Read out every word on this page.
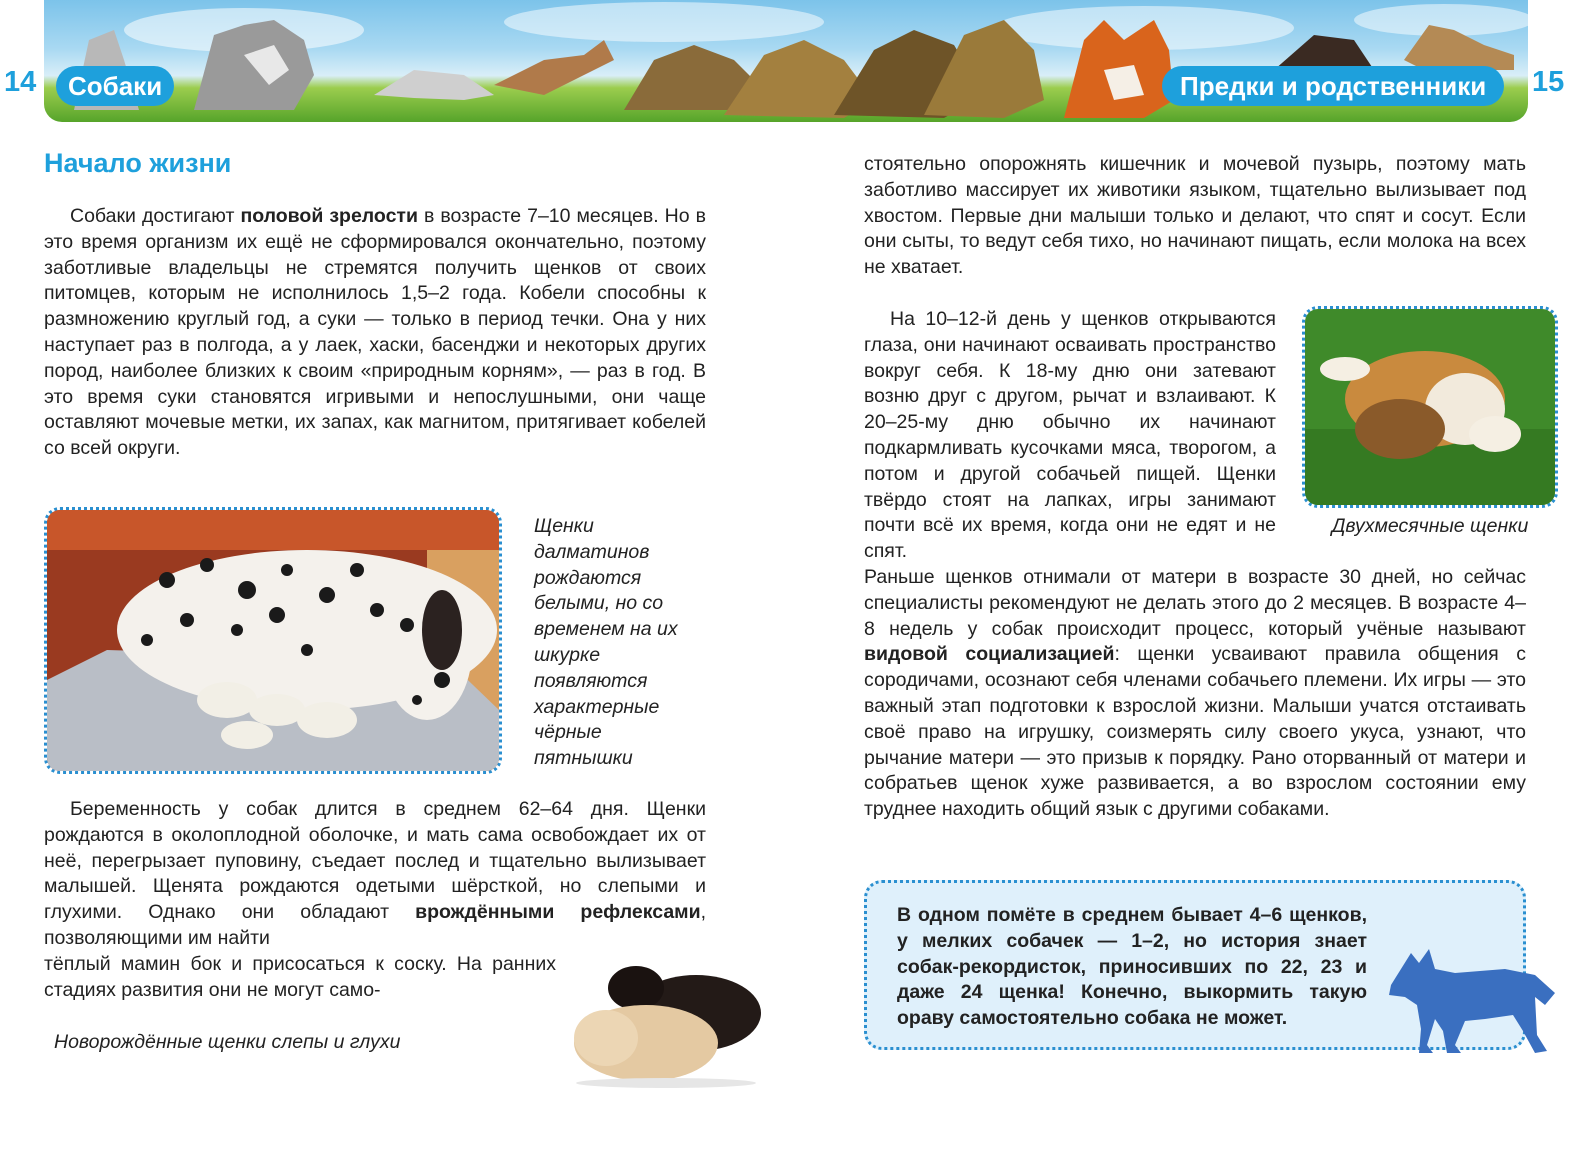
14	Собаки	Предки и родственники	15
Начало жизни
Собаки достигают половой зрелости в возрасте 7–10 месяцев. Но в это время организм их ещё не сформировался окончательно, поэтому заботливые владельцы не стремятся получить щенков от своих питомцев, которым не исполнилось 1,5–2 года. Кобели способны к размножению круглый год, а суки — только в период течки. Она у них наступает раз в полгода, а у лаек, хаски, басенджи и некоторых других пород, наиболее близких к своим «природным корням», — раз в год. В это время суки становятся игривыми и непослушными, они чаще оставляют мочевые метки, их запах, как магнитом, притягивает кобелей со всей округи.
Щенки далматинов рождаются белыми, но со временем на их шкурке появляются характерные чёрные пятнышки
Беременность у собак длится в среднем 62–64 дня. Щенки рождаются в околоплодной оболочке, и мать сама освобождает их от неё, перегрызает пуповину, съедает послед и тщательно вылизывает малышей. Щенята рождаются одетыми шёрсткой, но слепыми и глухими. Однако они обладают врождёнными рефлексами, позволяющими им найти
тёплый мамин бок и присосаться к соску. На ранних стадиях развития они не могут само-
Новорождённые щенки слепы и глухи
стоятельно опорожнять кишечник и мочевой пузырь, поэтому мать заботливо массирует их животики языком, тщательно вылизывает под хвостом. Первые дни малыши только и делают, что спят и сосут. Если они сыты, то ведут себя тихо, но начинают пищать, если молока на всех не хватает.
На 10–12-й день у щенков открываются глаза, они начинают осваивать пространство вокруг себя. К 18-му дню они затевают возню друг с другом, рычат и взлаивают. К 20–25-му дню обычно их начинают подкармливать кусочками мяса, творогом, а потом и другой собачьей пищей. Щенки твёрдо стоят на лапках, игры занимают почти всё их время, когда они не едят и не спят.
Двухмесячные щенки
Раньше щенков отнимали от матери в возрасте 30 дней, но сейчас специалисты рекомендуют не делать этого до 2 месяцев. В возрасте 4–8 недель у собак происходит процесс, который учёные называют видовой социализацией: щенки усваивают правила общения с сородичами, осознают себя членами собачьего племени. Их игры — это важный этап подготовки к взрослой жизни. Малыши учатся отстаивать своё право на игрушку, соизмерять силу своего укуса, узнают, что рычание матери — это призыв к порядку. Рано оторванный от матери и собратьев щенок хуже развивается, а во взрослом состоянии ему труднее находить общий язык с другими собаками.
В одном помёте в среднем бывает 4–6 щенков, у мелких собачек — 1–2, но история знает собак-рекордисток, приносивших по 22, 23 и даже 24 щенка! Конечно, выкормить такую ораву самостоятельно собака не может.
